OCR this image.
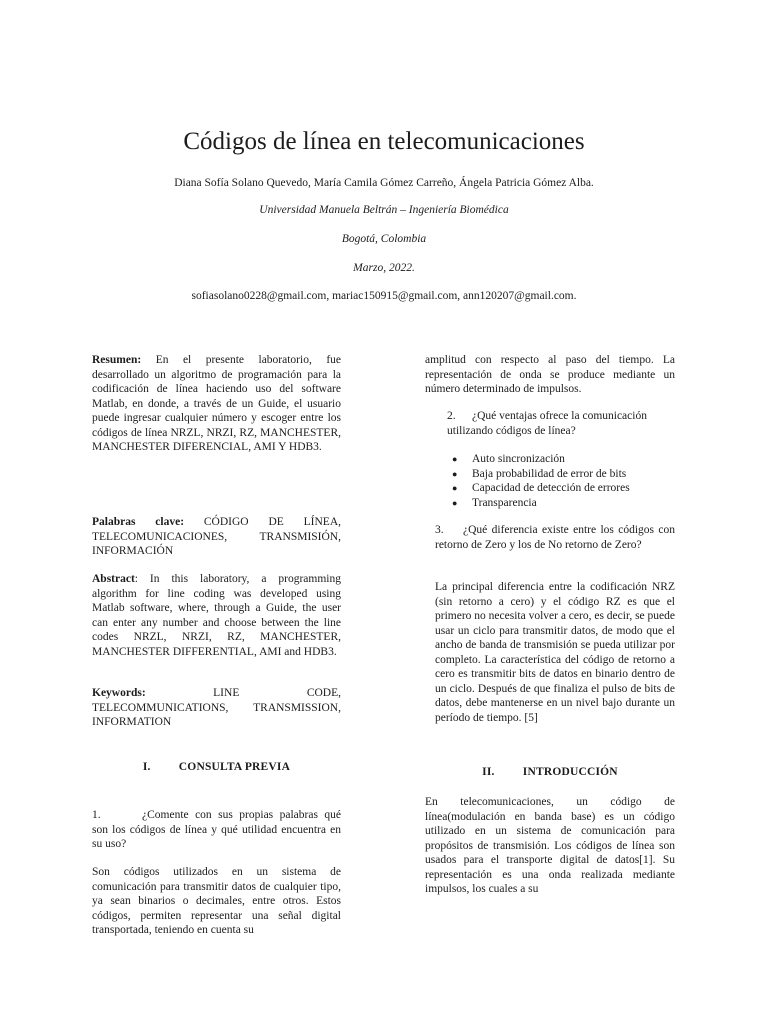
Códigos de línea en telecomunicaciones
Diana Sofía Solano Quevedo, María Camila Gómez Carreño, Ángela Patricia Gómez Alba.
Universidad Manuela Beltrán – Ingeniería Biomédica
Bogotá, Colombia
Marzo, 2022.
sofiasolano0228@gmail.com, mariac150915@gmail.com, ann120207@gmail.com.

Resumen: En el presente laboratorio, fue desarrollado un algoritmo de programación para la codificación de línea haciendo uso del software Matlab, en donde, a través de un Guide, el usuario puede ingresar cualquier número y escoger entre los códigos de línea NRZL, NRZI, RZ, MANCHESTER, MANCHESTER DIFERENCIAL, AMI Y HDB3.

Palabras clave: CÓDIGO DE LÍNEA, TELECOMUNICACIONES, TRANSMISIÓN, INFORMACIÓN

Abstract: In this laboratory, a programming algorithm for line coding was developed using Matlab software, where, through a Guide, the user can enter any number and choose between the line codes NRZL, NRZI, RZ, MANCHESTER, MANCHESTER DIFFERENTIAL, AMI and HDB3.

Keywords:	LINE CODE, TELECOMMUNICATIONS, TRANSMISSION, INFORMATION

I. CONSULTA PREVIA

1.	¿Comente con sus propias palabras qué son los códigos de línea y qué utilidad encuentra en su uso?

Son códigos utilizados en un sistema de comunicación para transmitir datos de cualquier tipo, ya sean binarios o decimales, entre otros. Estos códigos, permiten representar una señal digital transportada, teniendo en cuenta su

amplitud con respecto al paso del tiempo. La representación de onda se produce mediante un número determinado de impulsos.

2. ¿Qué ventajas ofrece la comunicación utilizando códigos de línea?

● Auto sincronización
● Baja probabilidad de error de bits
● Capacidad de detección de errores
● Transparencia

3. ¿Qué diferencia existe entre los códigos con retorno de Zero y los de No retorno de Zero?

La principal diferencia entre la codificación NRZ (sin retorno a cero) y el código RZ es que el primero no necesita volver a cero, es decir, se puede usar un ciclo para transmitir datos, de modo que el ancho de banda de transmisión se pueda utilizar por completo. La característica del código de retorno a cero es transmitir bits de datos en binario dentro de un ciclo. Después de que finaliza el pulso de bits de datos, debe mantenerse en un nivel bajo durante un período de tiempo. [5]

II. INTRODUCCIÓN

En telecomunicaciones, un código de línea(modulación en banda base) es un código utilizado en un sistema de comunicación para propósitos de transmisión. Los códigos de línea son usados para el transporte digital de datos[1]. Su representación es una onda realizada mediante impulsos, los cuales a su
